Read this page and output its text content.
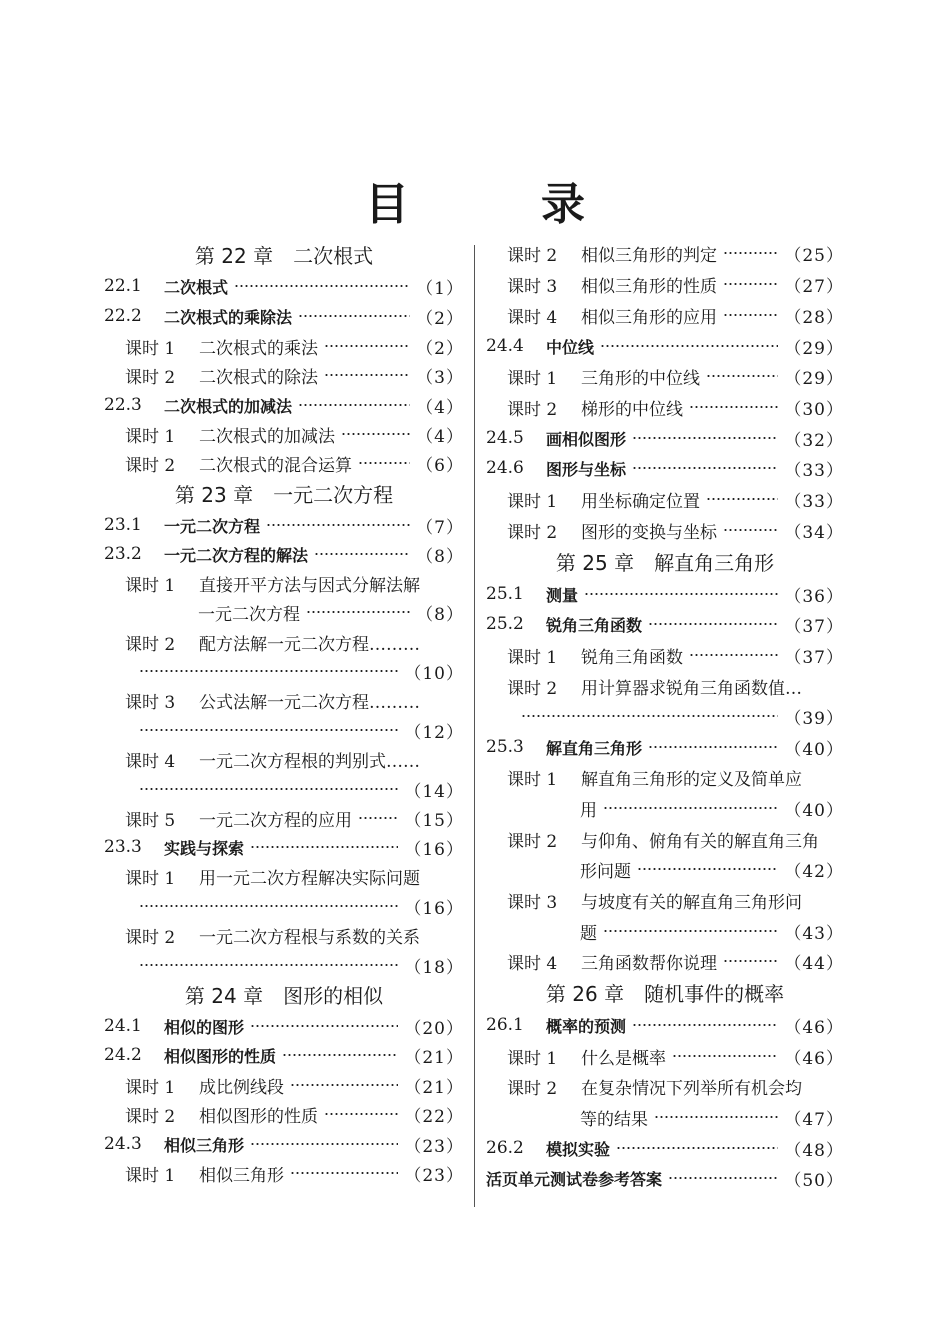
目　录
第 22 章　二次根式
22.1	二次根式	（1）
22.2	二次根式的乘除法	（2）
课时 1	二次根式的乘法	（2）
课时 2	二次根式的除法	（3）
22.3	二次根式的加减法	（4）
课时 1	二次根式的加减法	（4）
课时 2	二次根式的混合运算	（6）
第 23 章　一元二次方程
23.1	一元二次方程	（7）
23.2	一元二次方程的解法	（8）
课时 1	直接开平方法与因式分解法解
一元二次方程	（8）
课时 2	配方法解一元二次方程………
（10）
课时 3	公式法解一元二次方程………
（12）
课时 4	一元二次方程根的判别式……
（14）
课时 5	一元二次方程的应用	（15）
23.3	实践与探索	（16）
课时 1	用一元二次方程解决实际问题
（16）
课时 2	一元二次方程根与系数的关系
（18）
第 24 章　图形的相似
24.1	相似的图形	（20）
24.2	相似图形的性质	（21）
课时 1	成比例线段	（21）
课时 2	相似图形的性质	（22）
24.3	相似三角形	（23）
课时 1	相似三角形	（23）
课时 2	相似三角形的判定	（25）
课时 3	相似三角形的性质	（27）
课时 4	相似三角形的应用	（28）
24.4	中位线	（29）
课时 1	三角形的中位线	（29）
课时 2	梯形的中位线	（30）
24.5	画相似图形	（32）
24.6	图形与坐标	（33）
课时 1	用坐标确定位置	（33）
课时 2	图形的变换与坐标	（34）
第 25 章　解直角三角形
25.1	测量	（36）
25.2	锐角三角函数	（37）
课时 1	锐角三角函数	（37）
课时 2	用计算器求锐角三角函数值…
（39）
25.3	解直角三角形	（40）
课时 1	解直角三角形的定义及简单应
用	（40）
课时 2	与仰角、俯角有关的解直角三角
形问题	（42）
课时 3	与坡度有关的解直角三角形问
题	（43）
课时 4	三角函数帮你说理	（44）
第 26 章　随机事件的概率
26.1	概率的预测	（46）
课时 1	什么是概率	（46）
课时 2	在复杂情况下列举所有机会均
等的结果	（47）
26.2	模拟实验	（48）
活页单元测试卷参考答案	（50）
